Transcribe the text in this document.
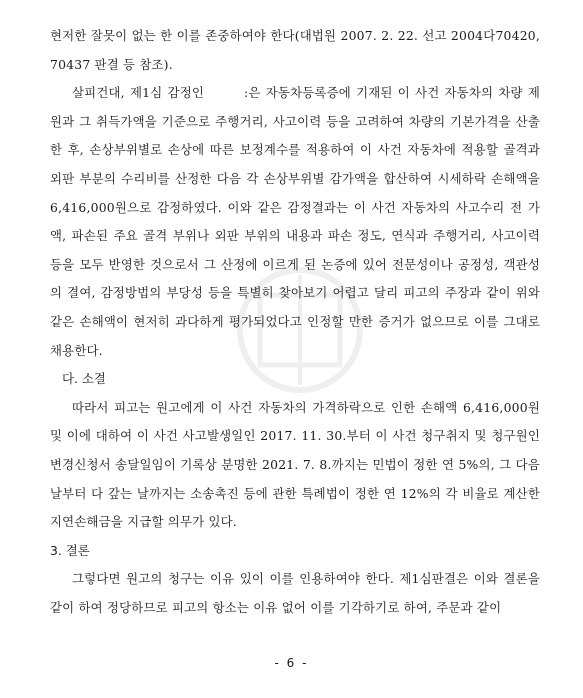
현저한 잘못이 없는 한 이를 존중하여야 한다(대법원 2007. 2. 22. 선고 2004다70420, 70437 판결 등 참조).

살피건대, 제1심 감정인	:은 자동차등록증에 기재된 이 사건 자동차의 차량 제원과 그 취득가액을 기준으로 주행거리, 사고이력 등을 고려하여 차량의 기본가격을 산출한 후, 손상부위별로 손상에 따른 보정계수를 적용하여 이 사건 자동차에 적용할 골격과 외판 부분의 수리비를 산정한 다음 각 손상부위별 감가액을 합산하여 시세하락 손해액을 6,416,000원으로 감정하였다. 이와 같은 감정결과는 이 사건 자동차의 사고수리 전 가액, 파손된 주요 골격 부위나 외판 부위의 내용과 파손 정도, 연식과 주행거리, 사고이력 등을 모두 반영한 것으로서 그 산정에 이르게 된 논증에 있어 전문성이나 공정성, 객관성의 결여, 감정방법의 부당성 등을 특별히 찾아보기 어렵고 달리 피고의 주장과 같이 위와 같은 손해액이 현저히 과다하게 평가되었다고 인정할 만한 증거가 없으므로 이를 그대로 채용한다.

다. 소결

따라서 피고는 원고에게 이 사건 자동차의 가격하락으로 인한 손해액 6,416,000원 및 이에 대하여 이 사건 사고발생일인 2017. 11. 30.부터 이 사건 청구취지 및 청구원인 변경신청서 송달일임이 기록상 분명한 2021. 7. 8.까지는 민법이 정한 연 5%의, 그 다음날부터 다 갚는 날까지는 소송촉진 등에 관한 특례법이 정한 연 12%의 각 비율로 계산한 지연손해금을 지급할 의무가 있다.

3. 결론

그렇다면 원고의 청구는 이유 있이 이를 인용하여야 한다. 제1심판결은 이와 결론을 같이 하여 정당하므로 피고의 항소는 이유 없어 이를 기각하기로 하여, 주문과 같이

- 6 -
